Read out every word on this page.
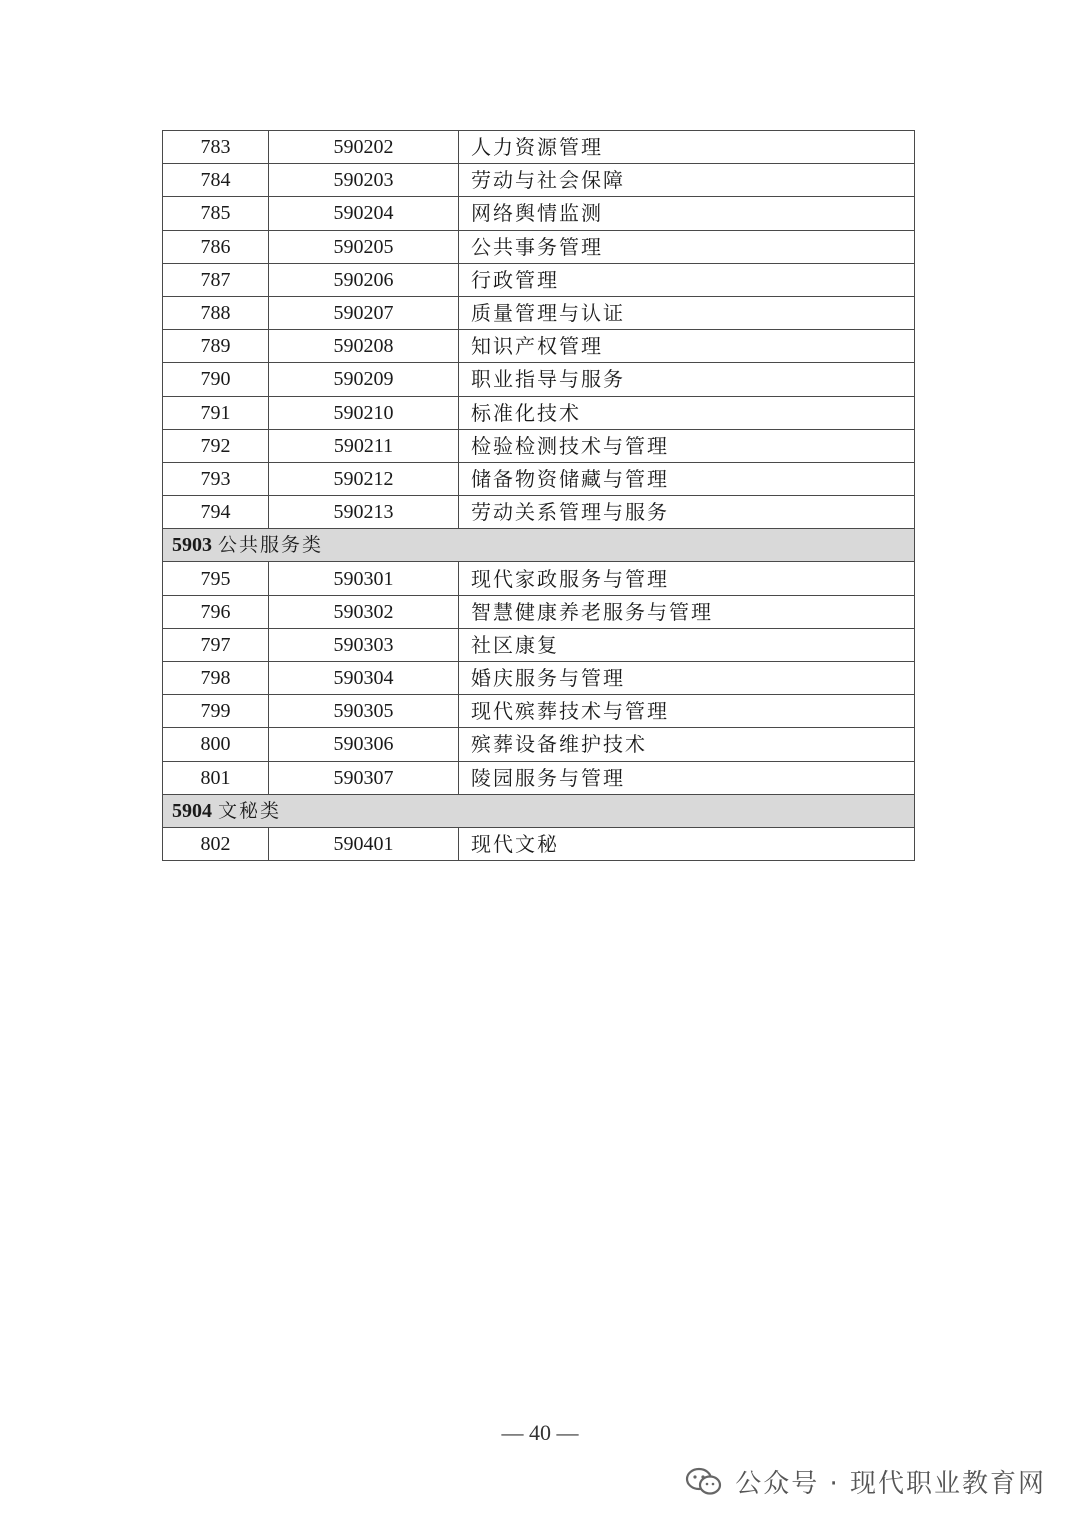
783	590202	人力资源管理
784	590203	劳动与社会保障
785	590204	网络舆情监测
786	590205	公共事务管理
787	590206	行政管理
788	590207	质量管理与认证
789	590208	知识产权管理
790	590209	职业指导与服务
791	590210	标准化技术
792	590211	检验检测技术与管理
793	590212	储备物资储藏与管理
794	590213	劳动关系管理与服务
5903 公共服务类		
795	590301	现代家政服务与管理
796	590302	智慧健康养老服务与管理
797	590303	社区康复
798	590304	婚庆服务与管理
799	590305	现代殡葬技术与管理
800	590306	殡葬设备维护技术
801	590307	陵园服务与管理
5904 文秘类		
802	590401	现代文秘
— 40 —
公众号 · 现代职业教育网
